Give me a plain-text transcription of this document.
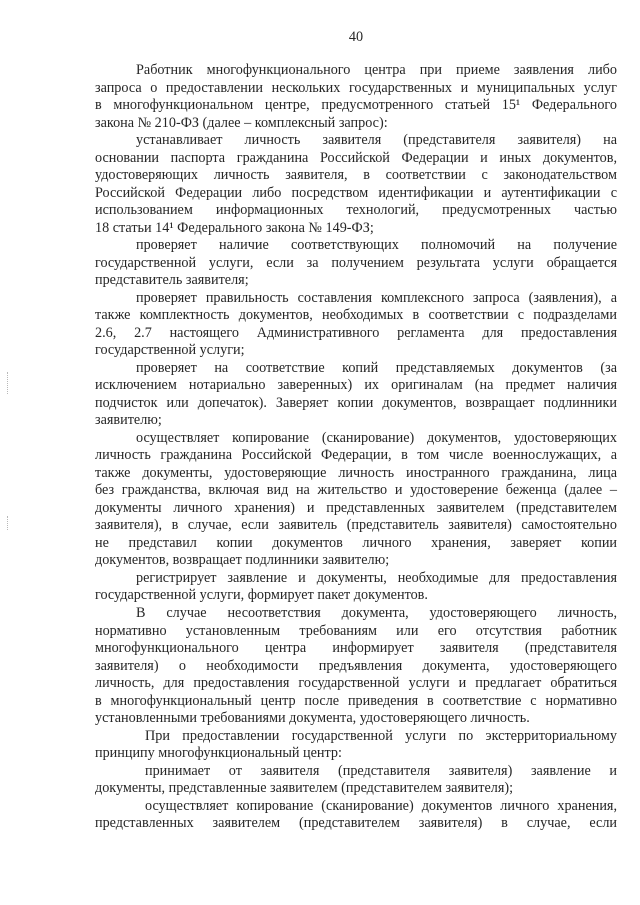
40
Работник многофункционального центра при приеме заявления либо
запроса о предоставлении нескольких государственных и муниципальных услуг
в многофункциональном центре, предусмотренного статьей 15¹ Федерального
закона № 210-ФЗ (далее – комплексный запрос):
устанавливает личность заявителя (представителя заявителя) на
основании паспорта гражданина Российской Федерации и иных документов,
удостоверяющих личность заявителя, в соответствии с законодательством
Российской Федерации либо посредством идентификации и аутентификации с
использованием информационных технологий, предусмотренных частью
18 статьи 14¹ Федерального закона № 149-ФЗ;
проверяет наличие соответствующих полномочий на получение
государственной услуги, если за получением результата услуги обращается
представитель заявителя;
проверяет правильность составления комплексного запроса (заявления), а
также комплектность документов, необходимых в соответствии с подразделами
2.6, 2.7 настоящего Административного регламента для предоставления
государственной услуги;
проверяет на соответствие копий представляемых документов (за
исключением нотариально заверенных) их оригиналам (на предмет наличия
подчисток или допечаток). Заверяет копии документов, возвращает подлинники
заявителю;
осуществляет копирование (сканирование) документов, удостоверяющих
личность гражданина Российской Федерации, в том числе военнослужащих, а
также документы, удостоверяющие личность иностранного гражданина, лица
без гражданства, включая вид на жительство и удостоверение беженца (далее –
документы личного хранения) и представленных заявителем (представителем
заявителя), в случае, если заявитель (представитель заявителя) самостоятельно
не представил копии документов личного хранения, заверяет копии
документов, возвращает подлинники заявителю;
регистрирует заявление и документы, необходимые для предоставления
государственной услуги, формирует пакет документов.
В случае несоответствия документа, удостоверяющего личность,
нормативно установленным требованиям или его отсутствия работник
многофункционального центра информирует заявителя (представителя
заявителя) о необходимости предъявления документа, удостоверяющего
личность, для предоставления государственной услуги и предлагает обратиться
в многофункциональный центр после приведения в соответствие с нормативно
установленными требованиями документа, удостоверяющего личность.
При предоставлении государственной услуги по экстерриториальному
принципу многофункциональный центр:
принимает от заявителя (представителя заявителя) заявление и
документы, представленные заявителем (представителем заявителя);
осуществляет копирование (сканирование) документов личного хранения,
представленных заявителем (представителем заявителя) в случае, если
